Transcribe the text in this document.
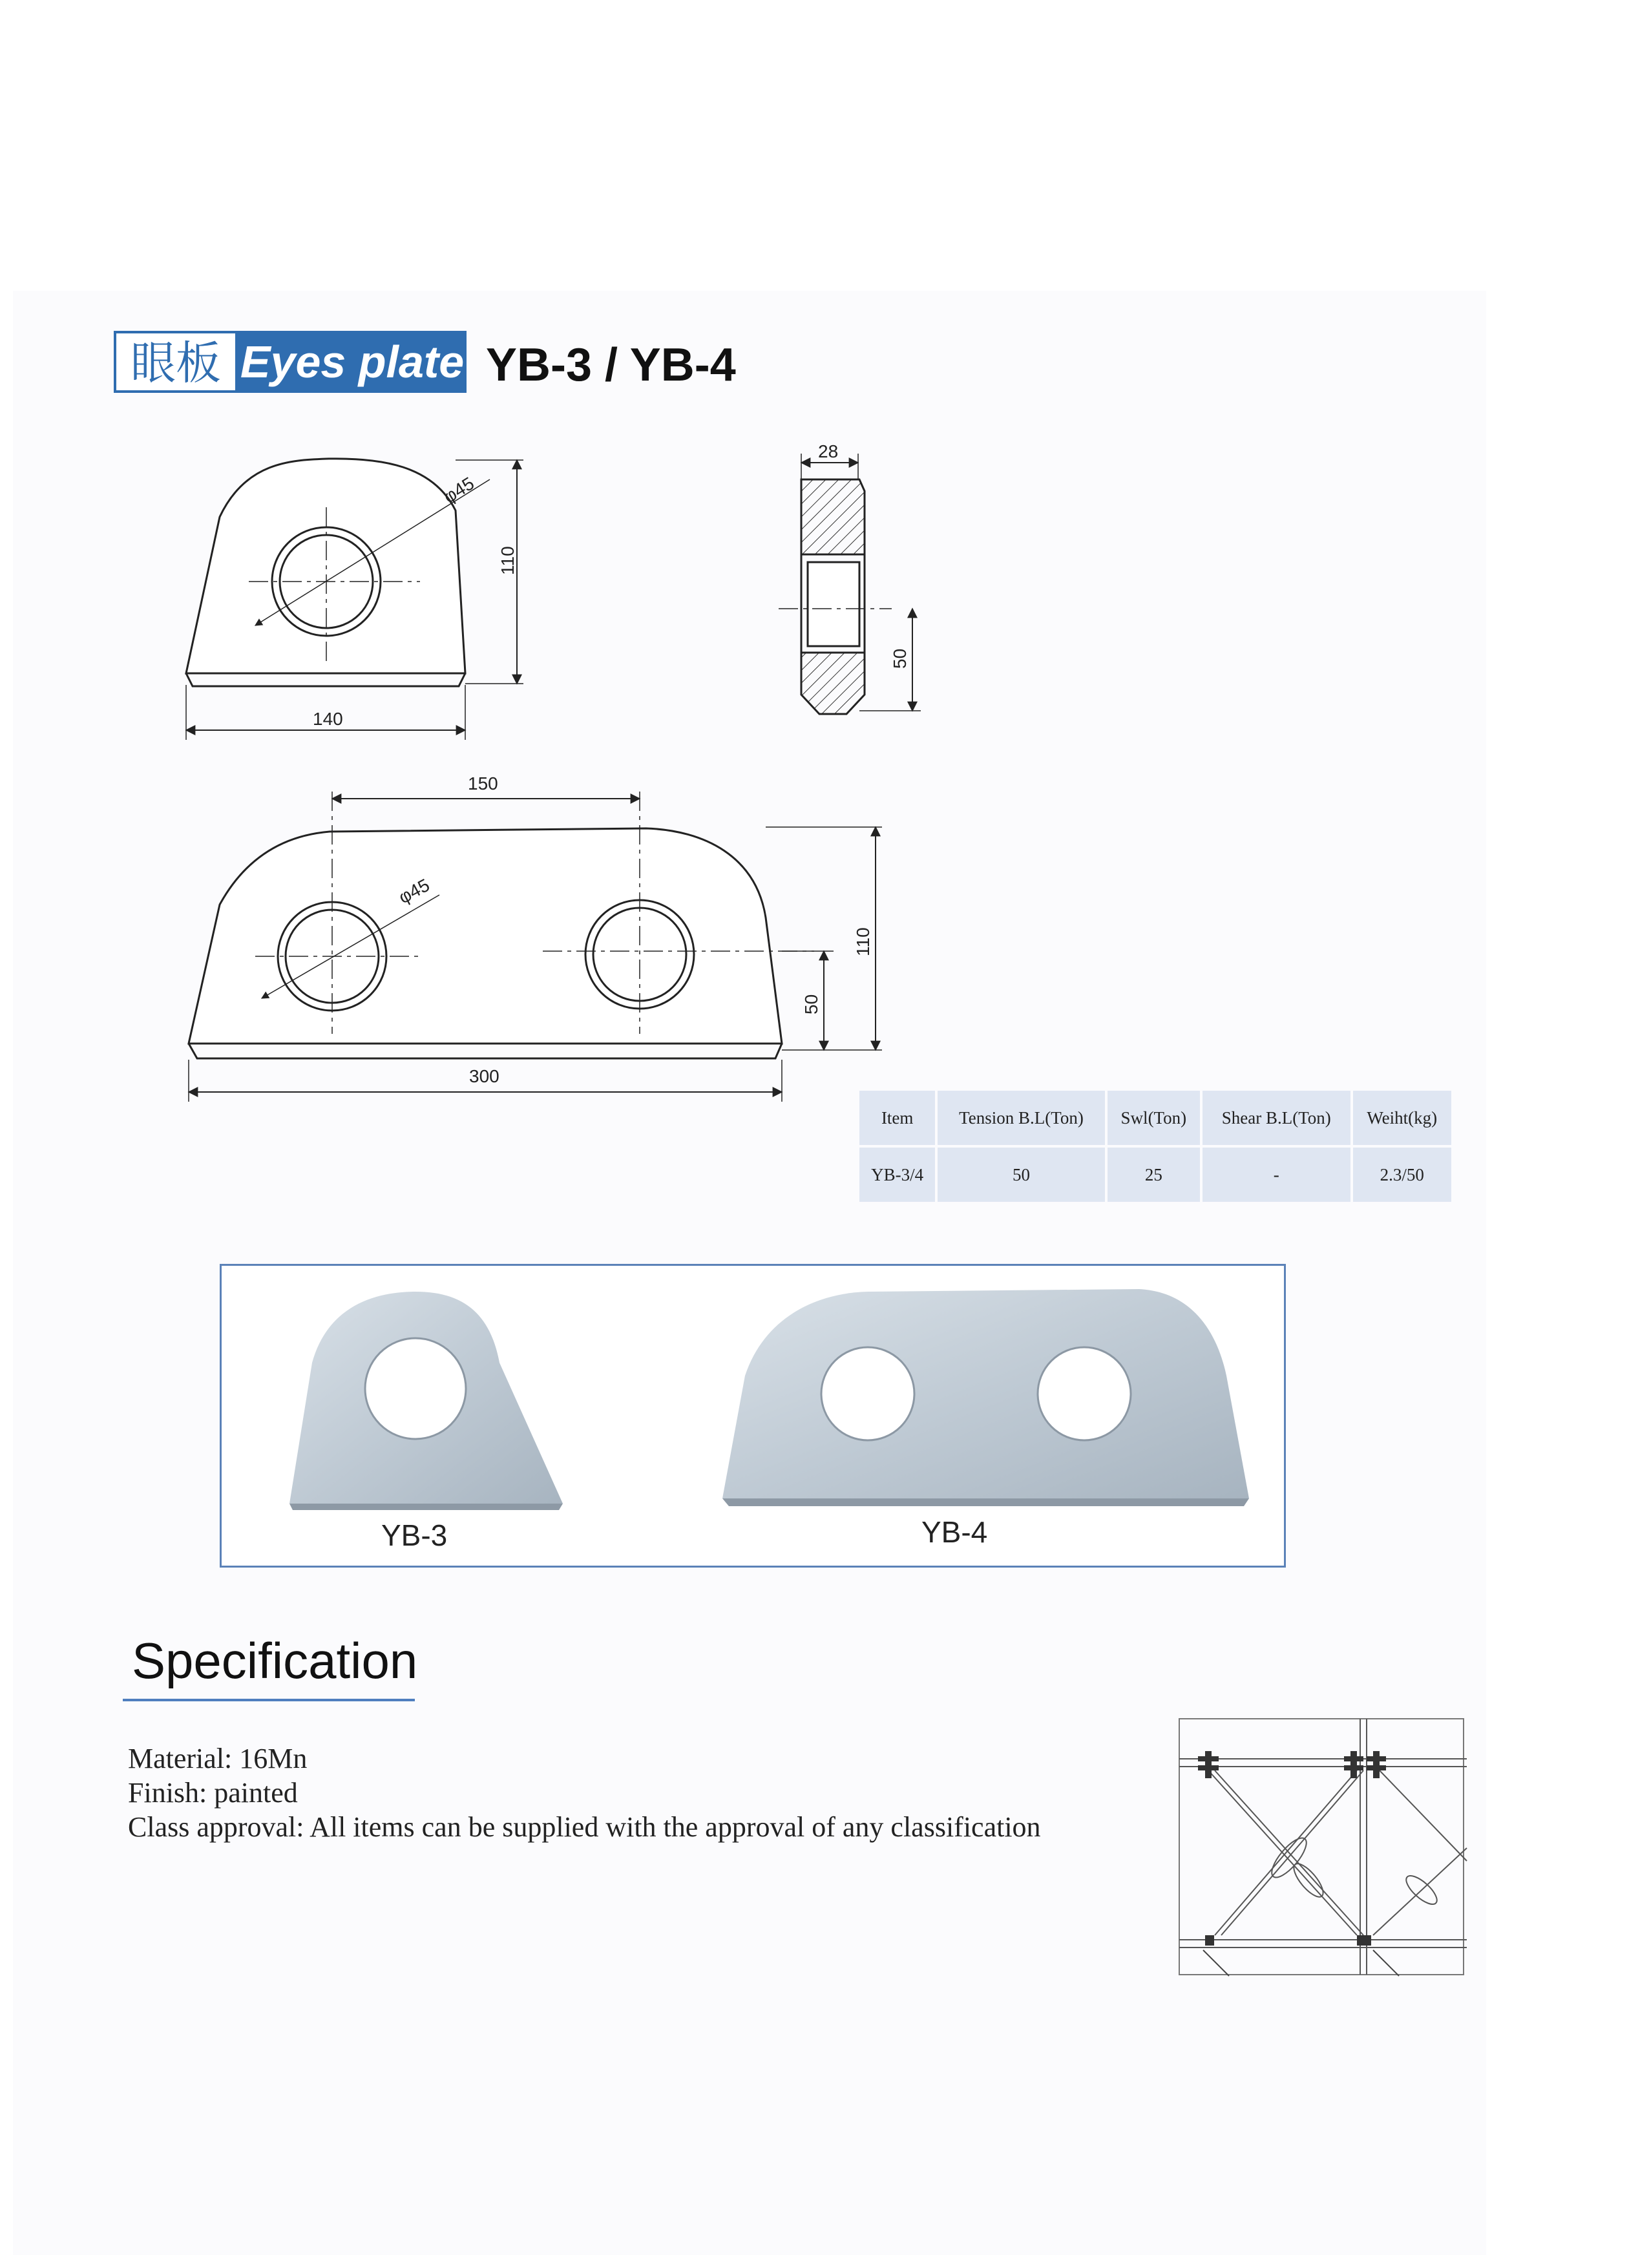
眼板 Eyes plate YB-3 / YB-4
φ45
110
140
28
50
150
φ45
50
110
300
Item	Tension B.L(Ton)	Swl(Ton)	Shear B.L(Ton)	Weiht(kg)
YB-3/4	50	25	-	2.3/50
YB-3	YB-4
Specification
Material: 16Mn
Finish: painted
Class approval: All items can be supplied with the approval of any classification
